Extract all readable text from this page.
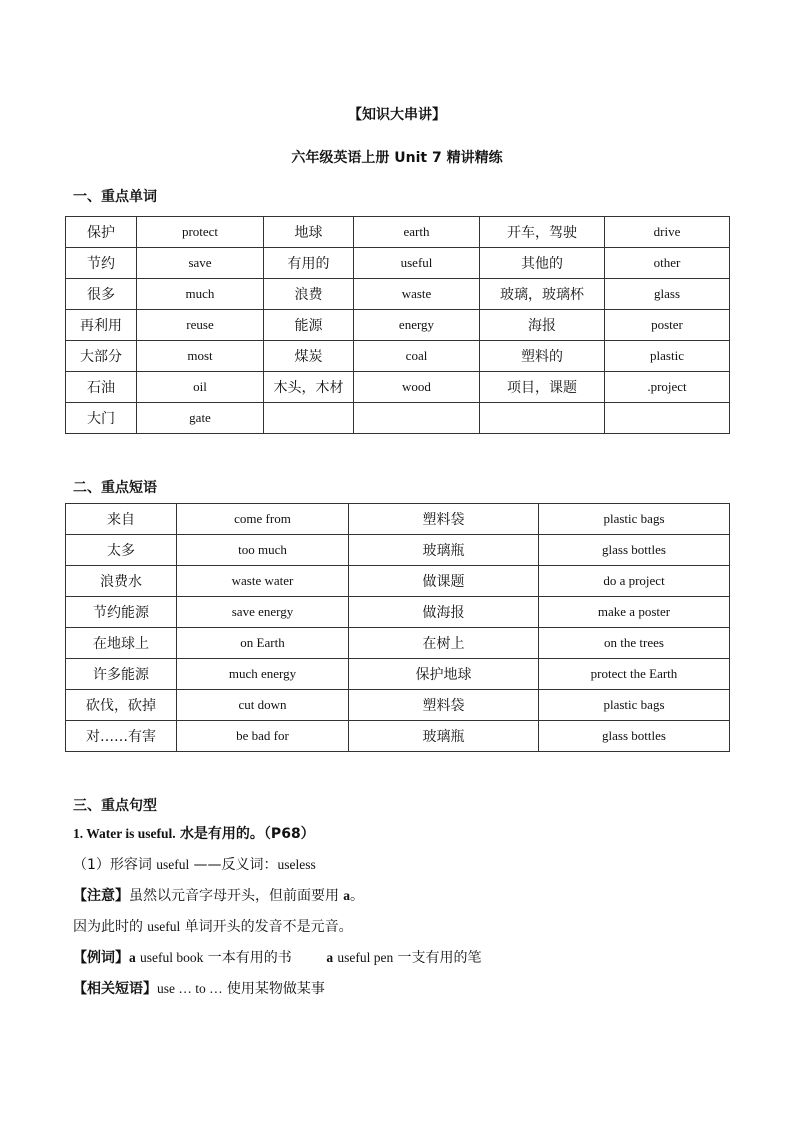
【知识大串讲】
六年级英语上册 Unit 7 精讲精练
一、重点单词
保护	protect	地球	earth	开车，驾驶	drive
节约	save	有用的	useful	其他的	other
很多	much	浪费	waste	玻璃，玻璃杯	glass
再利用	reuse	能源	energy	海报	poster
大部分	most	煤炭	coal	塑料的	plastic
石油	oil	木头，木材	wood	项目，课题	.project
大门	gate				
二、重点短语
来自	come from	塑料袋	plastic bags
太多	too much	玻璃瓶	glass bottles
浪费水	waste water	做课题	do a project
节约能源	save energy	做海报	make a poster
在地球上	on Earth	在树上	on the trees
许多能源	much energy	保护地球	protect the Earth
砍伐，砍掉	cut down	塑料袋	plastic bags
对……有害	be bad for	玻璃瓶	glass bottles
三、重点句型
1. Water is useful. 水是有用的。（P68）
（1）形容词 useful ——反义词：useless
【注意】虽然以元音字母开头，但前面要用 a。
因为此时的 useful 单词开头的发音不是元音。
【例词】a useful book 一本有用的书	a useful pen 一支有用的笔
【相关短语】use … to … 使用某物做某事
